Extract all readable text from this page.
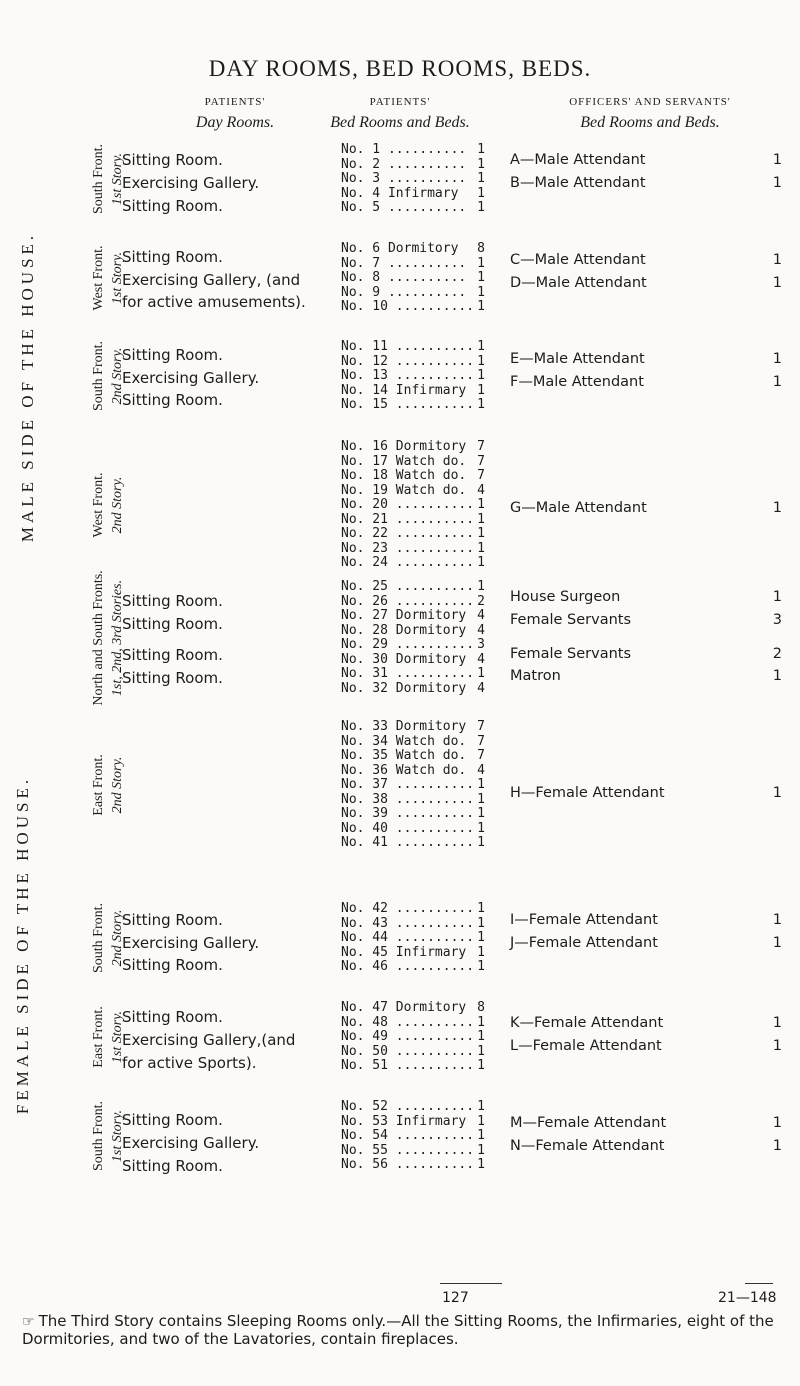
DAY ROOMS, BED ROOMS, BEDS.
PATIENTS'
Day Rooms.
PATIENTS'
Bed Rooms and Beds.
OFFICERS' AND SERVANTS'
Bed Rooms and Beds.
MALE SIDE OF THE HOUSE.
FEMALE SIDE OF THE HOUSE.
South Front. 1st Story.
Sitting Room.
Exercising Gallery.
Sitting Room.
No. 1 .......... 1
No. 2 .......... 1
No. 3 .......... 1
No. 4 Infirmary 1
No. 5 .......... 1
A—Male Attendant	1
B—Male Attendant	1
West Front. 1st Story.
Sitting Room.
Exercising Gallery, (and
for active amusements).
No. 6 Dormitory 8
No. 7 .......... 1
No. 8 .......... 1
No. 9 .......... 1
No. 10 .......... 1
C—Male Attendant	1
D—Male Attendant	1
South Front. 2nd Story.
Sitting Room.
Exercising Gallery.
Sitting Room.
No. 11 .......... 1
No. 12 .......... 1
No. 13 .......... 1
No. 14 Infirmary 1
No. 15 .......... 1
E—Male Attendant	1
F—Male Attendant	1
West Front. 2nd Story.
No. 16 Dormitory 7
No. 17 Watch do. 7
No. 18 Watch do. 7
No. 19 Watch do. 4
No. 20 .......... 1
No. 21 .......... 1
No. 22 .......... 1
No. 23 .......... 1
No. 24 .......... 1
G—Male Attendant	1
North and South Fronts. 1st, 2nd, 3rd Stories.
Sitting Room.
Sitting Room.
Sitting Room.
Sitting Room.
No. 25 .......... 1
No. 26 .......... 2
No. 27 Dormitory 4
No. 28 Dormitory 4
No. 29 .......... 3
No. 30 Dormitory 4
No. 31 .......... 1
No. 32 Dormitory 4
House Surgeon	1
Female Servants	3
Female Servants	2
Matron	1
East Front. 2nd Story.
No. 33 Dormitory 7
No. 34 Watch do. 7
No. 35 Watch do. 7
No. 36 Watch do. 4
No. 37 .......... 1
No. 38 .......... 1
No. 39 .......... 1
No. 40 .......... 1
No. 41 .......... 1
H—Female Attendant	1
South Front. 2nd Story.
Sitting Room.
Exercising Gallery.
Sitting Room.
No. 42 .......... 1
No. 43 .......... 1
No. 44 .......... 1
No. 45 Infirmary 1
No. 46 .......... 1
I—Female Attendant	1
J—Female Attendant	1
East Front. 1st Story.
Sitting Room.
Exercising Gallery,(and
for active Sports).
No. 47 Dormitory 8
No. 48 .......... 1
No. 49 .......... 1
No. 50 .......... 1
No. 51 .......... 1
K—Female Attendant	1
L—Female Attendant	1
South Front. 1st Story.
Sitting Room.
Exercising Gallery.
Sitting Room.
No. 52 .......... 1
No. 53 Infirmary 1
No. 54 .......... 1
No. 55 .......... 1
No. 56 .......... 1
M—Female Attendant	1
N—Female Attendant	1
127	21—148
☞ The Third Story contains Sleeping Rooms only.—All the Sitting Rooms, the Infirmaries, eight of the Dormitories, and two of the Lavatories, contain fireplaces.
